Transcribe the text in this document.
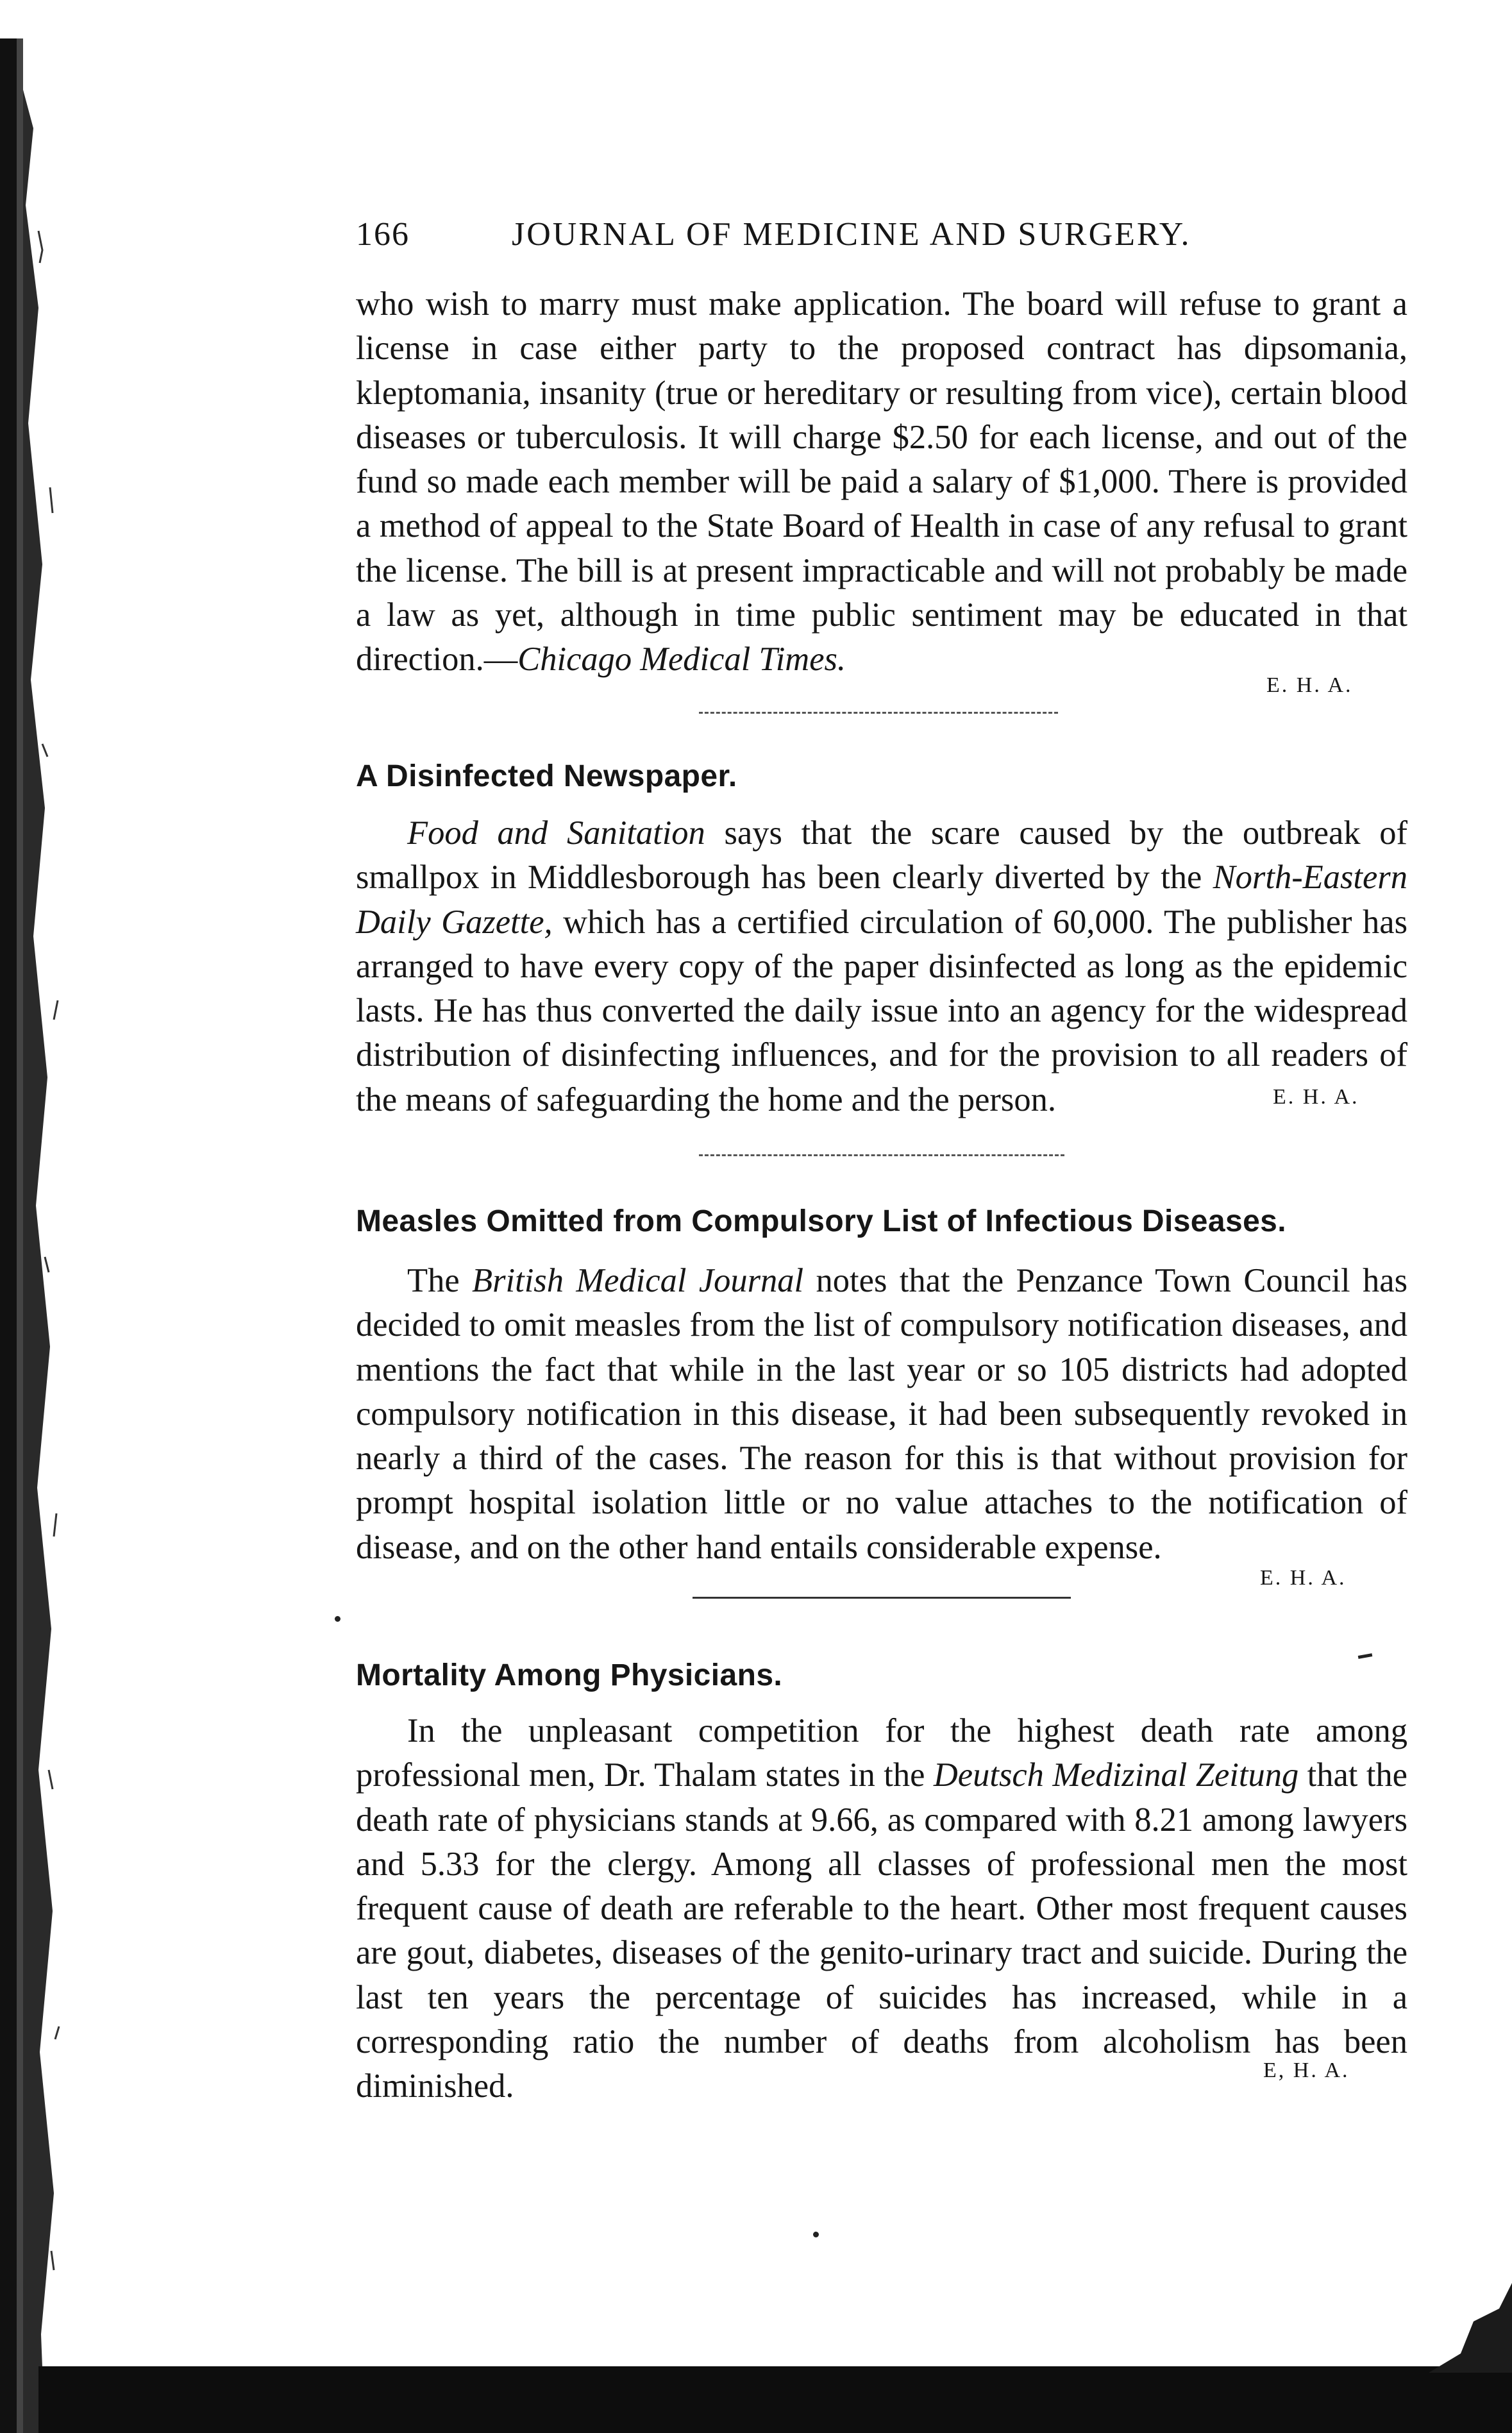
166	JOURNAL OF MEDICINE AND SURGERY.

who wish to marry must make application. The board will refuse to grant a license in case either party to the proposed contract has dipsomania, kleptomania, insanity (true or hereditary or resulting from vice), certain blood diseases or tuberculosis. It will charge $2.50 for each license, and out of the fund so made each member will be paid a salary of $1,000. There is provided a method of appeal to the State Board of Health in case of any refusal to grant the license. The bill is at present impracticable and will not probably be made a law as yet, although in time public sentiment may be educated in that direction.—Chicago Medical Times.

E. H. A.
A Disinfected Newspaper.

Food and Sanitation says that the scare caused by the outbreak of smallpox in Middlesborough has been clearly diverted by the North-Eastern Daily Gazette, which has a certified circulation of 60,000. The publisher has arranged to have every copy of the paper disinfected as long as the epidemic lasts. He has thus converted the daily issue into an agency for the widespread distribution of disinfecting influences, and for the provision to all readers of the means of safeguarding the home and the person.	E. H. A.
Measles Omitted from Compulsory List of Infectious Diseases.

The British Medical Journal notes that the Penzance Town Council has decided to omit measles from the list of compulsory notification diseases, and mentions the fact that while in the last year or so 105 districts had adopted compulsory notification in this disease, it had been subsequently revoked in nearly a third of the cases. The reason for this is that without provision for prompt hospital isolation little or no value attaches to the notification of disease, and on the other hand entails considerable expense.

E. H. A.
Mortality Among Physicians.

In the unpleasant competition for the highest death rate among professional men, Dr. Thalam states in the Deutsch Medizinal Zeitung that the death rate of physicians stands at 9.66, as compared with 8.21 among lawyers and 5.33 for the clergy. Among all classes of professional men the most frequent cause of death are referable to the heart. Other most frequent causes are gout, diabetes, diseases of the genito-urinary tract and suicide. During the last ten years the percentage of suicides has increased, while in a corresponding ratio the number of deaths from alcoholism has been diminished.	E, H. A.
